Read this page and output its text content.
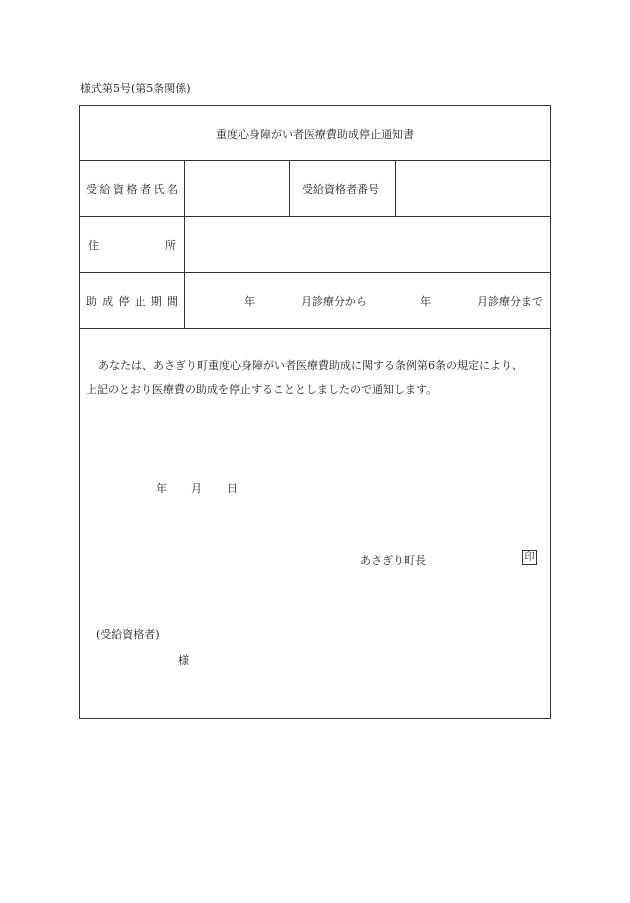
様式第5号(第5条関係)
重度心身障がい者医療費助成停止通知書
受 給 資 格 者 氏 名	受給資格者番号
住	所
助 成 停 止 期 間	年	月診療分から	年	月診療分まで
あなたは、あさぎり町重度心身障がい者医療費助成に関する条例第6条の規定により、
上記のとおり医療費の助成を停止することとしましたので通知します。
年 月 日
あさぎり町長	印
(受給資格者)
様
